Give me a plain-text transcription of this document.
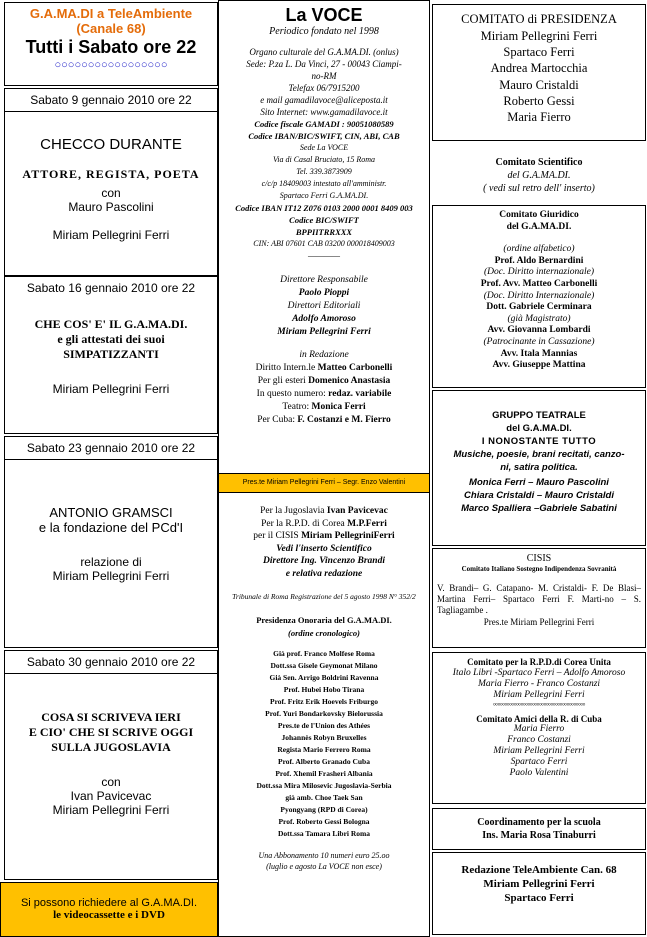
G.A.MA.DI a TeleAmbiente
(Canale 68)
Tutti i Sabato ore 22
○○○○○○○○○○○○○○○○○
Sabato 9 gennaio 2010 ore 22
CHECCO DURANTE
ATTORE, REGISTA, POETA
con
Mauro Pascolini
Miriam Pellegrini Ferri
Sabato 16 gennaio 2010 ore 22
CHE COS' E' IL G.A.MA.DI.
e gli attestati dei suoi
SIMPATIZZANTI
Miriam Pellegrini Ferri
Sabato 23 gennaio 2010 ore 22
ANTONIO GRAMSCI
e la fondazione del PCd'I
relazione di
Miriam Pellegrini Ferri
Sabato 30 gennaio 2010 ore 22
COSA SI SCRIVEVA IERI
E CIO' CHE SI SCRIVE OGGI
SULLA JUGOSLAVIA
con
Ivan Pavicevac
Miriam Pellegrini Ferri
Si possono richiedere al G.A.MA.DI.
le videocassette e i DVD
La VOCE
Periodico fondato nel 1998
Organo culturale del G.A.MA.DI. (onlus)
Sede: P.za L. Da Vinci, 27 - 00043 Ciampi-
no-RM
Telefax 06/7915200
e mail gamadilavoce@aliceposta.it
Sito Internet: www.gamadilavoce.it
Codice fiscale GAMADI : 90051080589
Codice IBAN/BIC/SWIFT, CIN, ABI, CAB
Sede La VOCE
Via di Casal Bruciato, 15 Roma
Tel. 339.3873909
c/c/p 18409003 intestato all'amministr.
Spartaco Ferri G.A.MA.DI.
Codice IBAN IT12 Z076 0103 2000 0001 8409 003
Codice BIC/SWIFT
BPPIITRRXXX
CIN: ABI 07601 CAB 03200 000018409003
————
Direttore Responsabile
Paolo Pioppi
Direttori Editoriali
Adolfo Amoroso
Miriam Pellegrini Ferri
in Redazione
Diritto Intern.le Matteo Carbonelli
Per gli esteri Domenico Anastasia
In questo numero: redaz. variabile
Teatro: Monica Ferri
Per Cuba: F. Costanzi e M. Fierro
Pres.te Miriam Pellegrini Ferri – Segr. Enzo Valentini
Per la Jugoslavia Ivan Pavicevac
Per la R.P.D. di Corea M.P.Ferri
per il CISIS Miriam PellegriniFerri
Vedi l'inserto Scientifico
Direttore Ing. Vincenzo Brandi
e relativa redazione
Tribunale di Roma Registrazione del 5 agosto 1998 N° 352/2
Presidenza Onoraria del G.A.MA.DI.
(ordine cronologico)
Già prof. Franco Molfese Roma
Dott.ssa Gisele Geymonat Milano
Già Sen. Arrigo Boldrini Ravenna
Prof. Hubei Hobo Tirana
Prof. Fritz Erik Hoevels Friburgo
Prof. Yuri Bondarkovsky Bielorussia
Pres.te de l'Union des Athées
Johannès Robyn Bruxelles
Regista Mario Ferrero Roma
Prof. Alberto Granado Cuba
Prof. Xhemil Frasheri Albania
Dott.ssa Mira Milosevic Jugoslavia-Serbia
già amb. Choe Taek San
Pyongyang (RPD di Corea)
Prof. Roberto Gessi Bologna
Dott.ssa Tamara Libri Roma
Una Abbonamento 10 numeri euro 25.oo
(luglio e agosto La VOCE non esce)
COMITATO di PRESIDENZA
Miriam Pellegrini Ferri
Spartaco Ferri
Andrea Martocchia
Mauro Cristaldi
Roberto Gessi
Maria Fierro
Comitato Scientifico
del G.A.MA.DI.
( vedi sul retro dell' inserto)
Comitato Giuridico
del G.A.MA.DI.
(ordine alfabetico)
Prof. Aldo Bernardini
(Doc. Diritto internazionale)
Prof. Avv. Matteo Carbonelli
(Doc. Diritto Internazionale)
Dott. Gabriele Cerminara
(già Magistrato)
Avv. Giovanna Lombardi
(Patrocinante in Cassazione)
Avv. Itala Mannias
Avv. Giuseppe Mattina
GRUPPO TEATRALE
del G.A.MA.DI.
I NONOSTANTE TUTTO
Musiche, poesie, brani recitati, canzo-
ni, satira politica.
Monica Ferri – Mauro Pascolini
Chiara Cristaldi – Mauro Cristaldi
Marco Spalliera –Gabriele Sabatini
CISIS
Comitato Italiano Sostegno Indipendenza Sovranità
V. Brandi– G. Catapano- M. Cristaldi- F. De Blasi– Martina Ferri– Spartaco Ferri F. Marti-no – S. Tagliagambe .
Pres.te Miriam Pellegrini Ferri
Comitato per la R.P.D.di Corea Unita
Italo Libri -Spartaco Ferri – Adolfo Amoroso
Maria Fierro - Franco Costanzi
Miriam Pellegrini Ferri
°°°°°°°°°°°°°°°°°°°°°°°°°°°°°°°°°°°°°°°°
Comitato Amici della R. di Cuba
Maria Fierro
Franco Costanzi
Miriam Pellegrini Ferri
Spartaco Ferri
Paolo Valentini
Coordinamento per la scuola
Ins. Maria Rosa Tinaburri
Redazione TeleAmbiente Can. 68
Miriam Pellegrini Ferri
Spartaco Ferri
